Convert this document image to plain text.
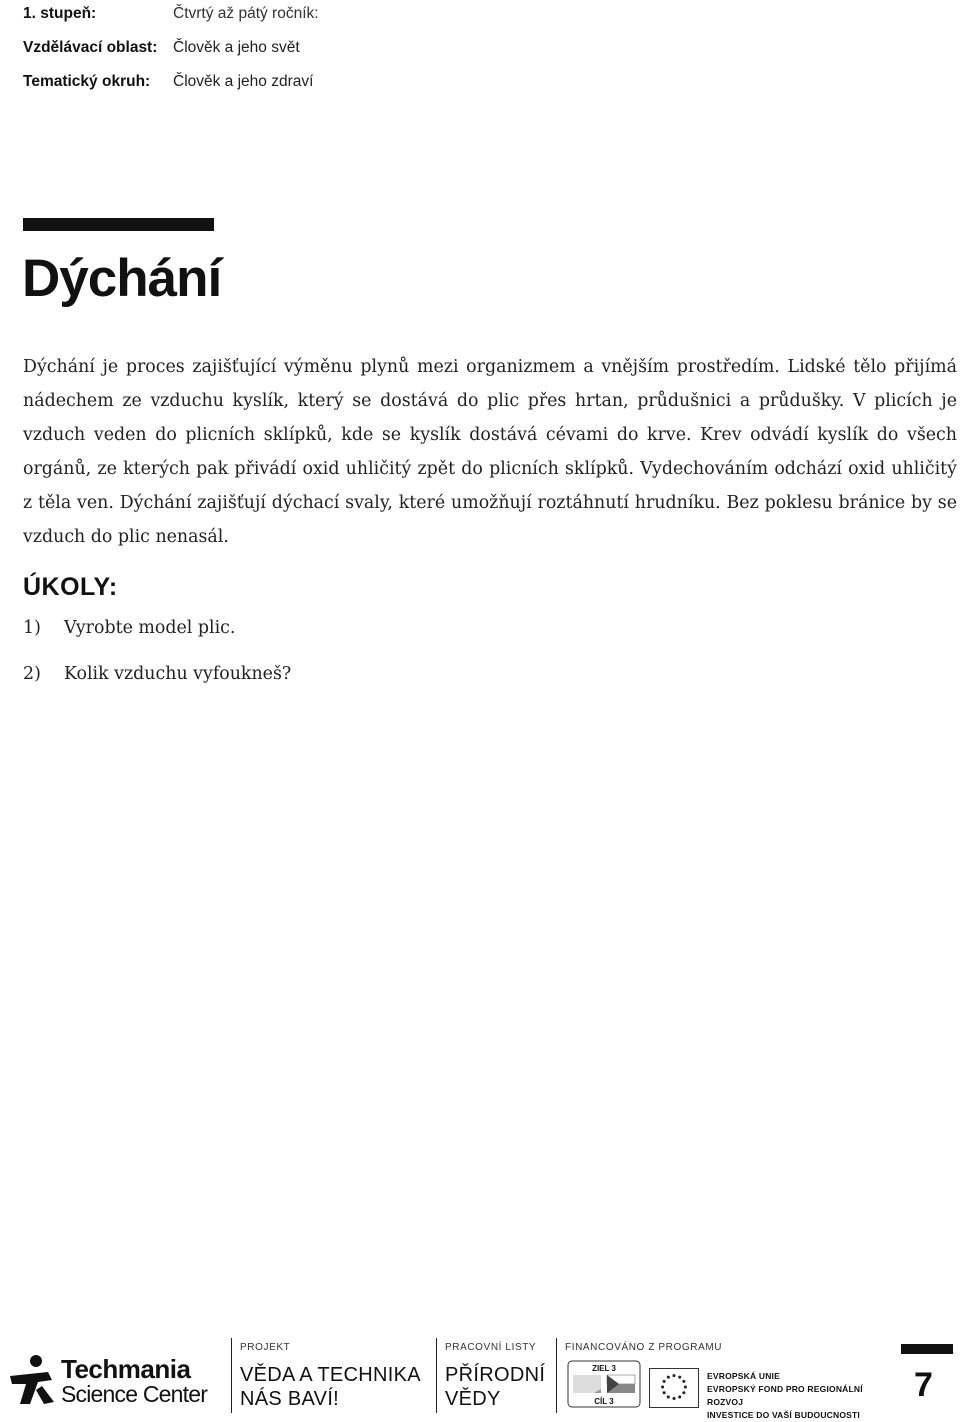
1. stupeň:	Čtvrtý až pátý ročník:
Vzdělávací oblast:	Člověk a jeho svět
Tematický okruh:	Člověk a jeho zdraví
Dýchání

Dýchání je proces zajišťující výměnu plynů mezi organizmem a vnějším prostředím. Lidské tělo přijímá nádechem ze vzduchu kyslík, který se dostává do plic přes hrtan, průdušnici a průdušky. V plicích je vzduch veden do plicních sklípků, kde se kyslík dostává cévami do krve. Krev odvádí kyslík do všech orgánů, ze kterých pak přivádí oxid uhličitý zpět do plicních sklípků. Vydechováním odchází oxid uhličitý z těla ven. Dýchání zajišťují dýchací svaly, které umožňují roztáhnutí hrudníku. Bez poklesu bránice by se vzduch do plic nenasál.

ÚKOLY:
1)	Vyrobte model plic.
2)	Kolik vzduchu vyfoukneš?
Techmania
Science Center
PROJEKT
VĚDA A TECHNIKA
NÁS BAVÍ!
PRACOVNÍ LISTY
PŘÍRODNÍ
VĚDY
FINANCOVÁNO Z PROGRAMU
ZIEL 3
CÍL 3
EVROPSKÁ UNIE
EVROPSKÝ FOND PRO REGIONÁLNÍ ROZVOJ
INVESTICE DO VAŠÍ BUDOUCNOSTI
7
